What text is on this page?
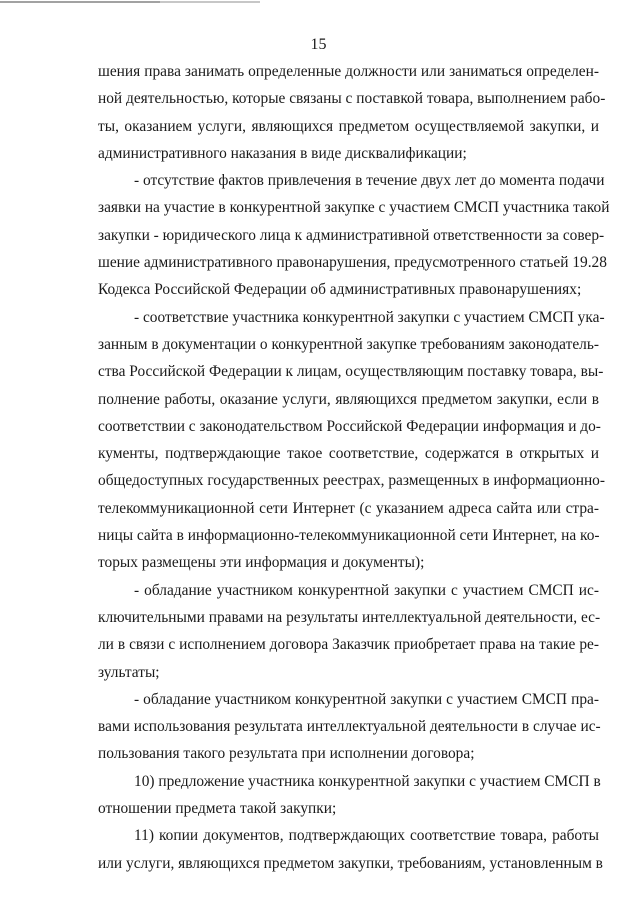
15
шения права занимать определенные должности или заниматься определен-
ной деятельностью, которые связаны с поставкой товара, выполнением рабо-
ты, оказанием услуги, являющихся предметом осуществляемой закупки, и
административного наказания в виде дисквалификации;
- отсутствие фактов привлечения в течение двух лет до момента подачи
заявки на участие в конкурентной закупке с участием СМСП участника такой
закупки - юридического лица к административной ответственности за совер-
шение административного правонарушения, предусмотренного статьей 19.28
Кодекса Российской Федерации об административных правонарушениях;
- соответствие участника конкурентной закупки с участием СМСП ука-
занным в документации о конкурентной закупке требованиям законодатель-
ства Российской Федерации к лицам, осуществляющим поставку товара, вы-
полнение работы, оказание услуги, являющихся предметом закупки, если в
соответствии с законодательством Российской Федерации информация и до-
кументы, подтверждающие такое соответствие, содержатся в открытых и
общедоступных государственных реестрах, размещенных в информационно-
телекоммуникационной сети Интернет (с указанием адреса сайта или стра-
ницы сайта в информационно-телекоммуникационной сети Интернет, на ко-
торых размещены эти информация и документы);
- обладание участником конкурентной закупки с участием СМСП ис-
ключительными правами на результаты интеллектуальной деятельности, ес-
ли в связи с исполнением договора Заказчик приобретает права на такие ре-
зультаты;
- обладание участником конкурентной закупки с участием СМСП пра-
вами использования результата интеллектуальной деятельности в случае ис-
пользования такого результата при исполнении договора;
10) предложение участника конкурентной закупки с участием СМСП в
отношении предмета такой закупки;
11) копии документов, подтверждающих соответствие товара, работы
или услуги, являющихся предметом закупки, требованиям, установленным в
